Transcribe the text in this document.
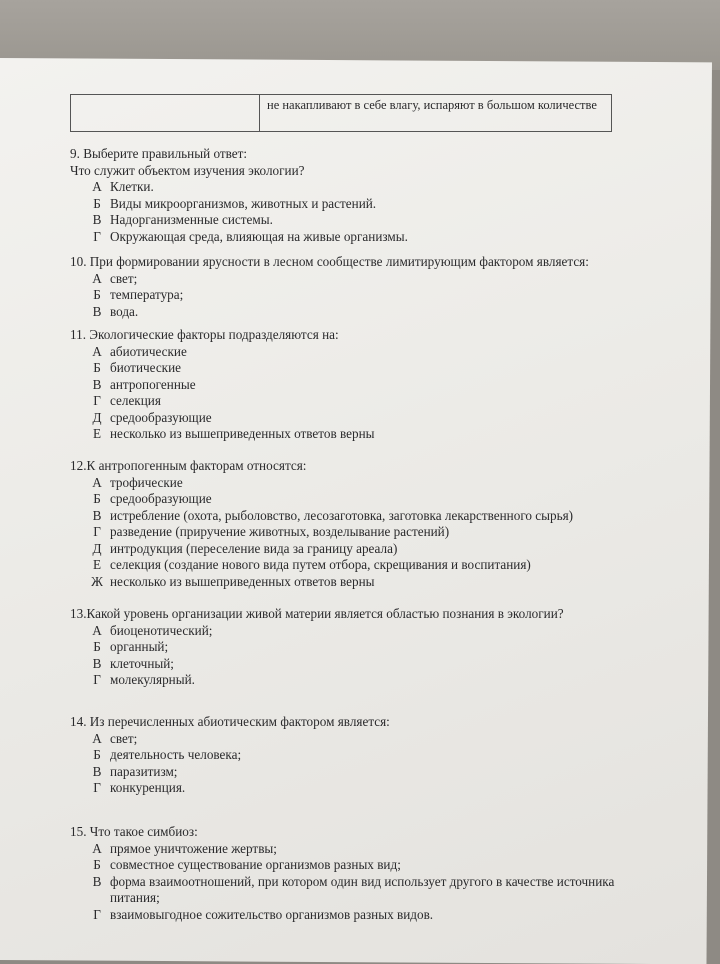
не накапливают в себе влагу, испаряют в большом количестве
9. Выберите правильный ответ:
Что служит объектом изучения экологии?
А Клетки.
Б Виды микроорганизмов, животных и растений.
В Надорганизменные системы.
Г Окружающая среда, влияющая на живые организмы.
10. При формировании ярусности в лесном сообществе лимитирующим фактором является:
А свет;
Б температура;
В вода.
11. Экологические факторы подразделяются на:
А абиотические
Б биотические
В антропогенные
Г селекция
Д средообразующие
Е несколько из вышеприведенных ответов верны
12.К антропогенным факторам относятся:
А трофические
Б средообразующие
В истребление (охота, рыболовство, лесозаготовка, заготовка лекарственного сырья)
Г разведение (приручение животных, возделывание растений)
Д интродукция (переселение вида за границу ареала)
Е селекция (создание нового вида путем отбора, скрещивания и воспитания)
Ж несколько из вышеприведенных ответов верны
13.Какой уровень организации живой материи является областью познания в экологии?
А биоценотический;
Б органный;
В клеточный;
Г молекулярный.
14. Из перечисленных абиотическим фактором является:
А свет;
Б деятельность человека;
В паразитизм;
Г конкуренция.
15. Что такое симбиоз:
А прямое уничтожение жертвы;
Б совместное существование организмов разных вид;
В форма взаимоотношений, при котором один вид использует другого в качестве источника питания;
Г взаимовыгодное сожительство организмов разных видов.
